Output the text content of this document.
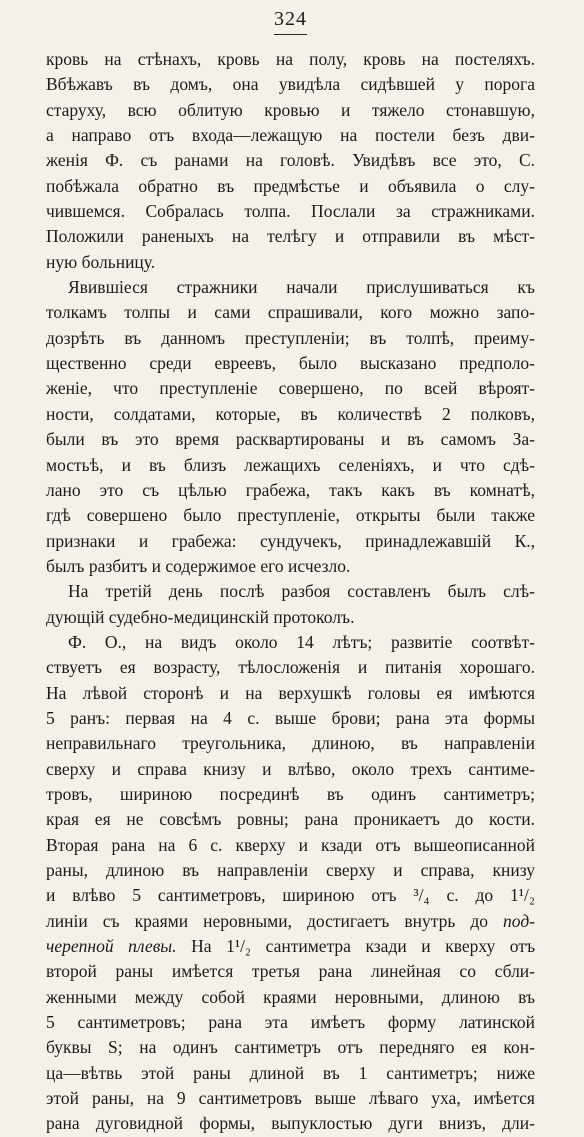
324

кровь на стѣнахъ, кровь на полу, кровь на постеляхъ.
Вбѣжавъ въ домъ, она увидѣла сидѣвшей у порога
старуху, всю облитую кровью и тяжело стонавшую,
а направо отъ входа—лежащую на постели безъ дви-
женія Ф. съ ранами на головѣ. Увидѣвъ все это, С.
побѣжала обратно въ предмѣстье и объявила о слу-
чившемся. Собралась толпа. Послали за стражниками.
Положили раненыхъ на телѣгу и отправили въ мѣст-
ную больницу.

Явившіеся стражники начали прислушиваться къ
толкамъ толпы и сами спрашивали, кого можно запо-
дозрѣть въ данномъ преступленіи; въ толпѣ, преиму-
щественно среди евреевъ, было высказано предполо-
женіе, что преступленіе совершено, по всей вѣроят-
ности, солдатами, которые, въ количествѣ 2 полковъ,
были въ это время расквартированы и въ самомъ За-
мостьѣ, и въ близъ лежащихъ селеніяхъ, и что сдѣ-
лано это съ цѣлью грабежа, такъ какъ въ комнатѣ,
гдѣ совершено было преступленіе, открыты были также
признаки и грабежа: сундучекъ, принадлежавшій К.,
былъ разбитъ и содержимое его исчезло.

На третій день послѣ разбоя составленъ былъ слѣ-
дующій судебно-медицинскій протоколъ.

Ф. О., на видъ около 14 лѣтъ; развитіе соотвѣт-
ствуетъ ея возрасту, тѣлосложенія и питанія хорошаго.
На лѣвой сторонѣ и на верхушкѣ головы ея имѣются
5 ранъ: первая на 4 с. выше брови; рана эта формы
неправильнаго треугольника, длиною, въ направленіи
сверху и справа книзу и влѣво, около трехъ сантиме-
тровъ, шириною посрединѣ въ одинъ сантиметръ;
края ея не совсѣмъ ровны; рана проникаетъ до кости.
Вторая рана на 6 с. кверху и кзади отъ вышеописанной
раны, длиною въ направленіи сверху и справа, книзу
и влѣво 5 сантиметровъ, шириною отъ ³/₄ с. до 1¹/₂
линіи съ краями неровными, достигаетъ внутрь до под-
черепной плевы. На 1¹/₂ сантиметра кзади и кверху отъ
второй раны имѣется третья рана линейная со сбли-
женными между собой краями неровными, длиною въ
5 сантиметровъ; рана эта имѣетъ форму латинской
буквы S; на одинъ сантиметръ отъ передняго ея кон-
ца—вѣтвь этой раны длиной въ 1 сантиметръ; ниже
этой раны, на 9 сантиметровъ выше лѣваго уха, имѣется
рана дуговидной формы, выпуклостью дуги внизъ, дли-
